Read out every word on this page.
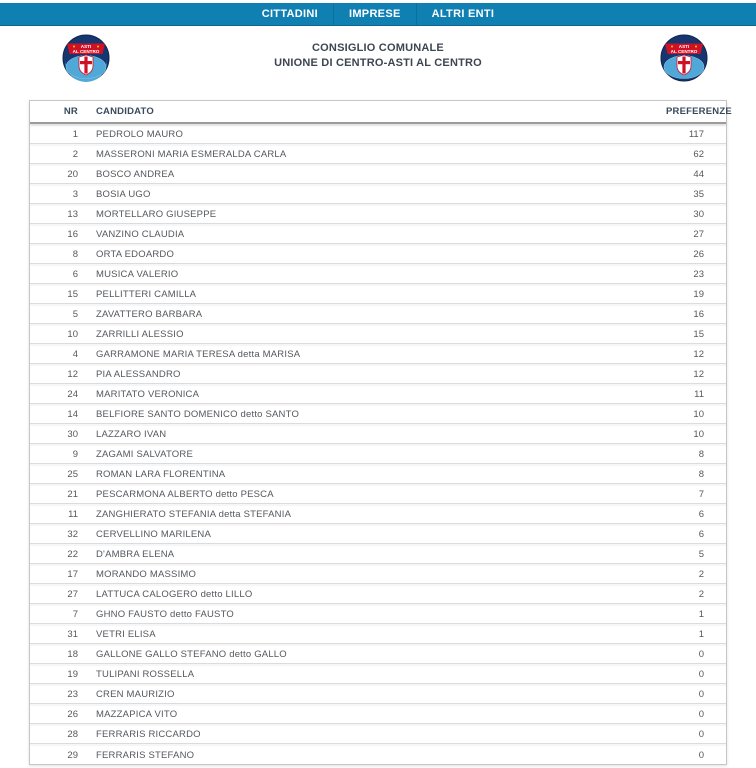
CITTADINI	IMPRESE	ALTRI ENTI
ASTI
AL CENTRO	CONSIGLIO COMUNALE
UNIONE DI CENTRO-ASTI AL CENTRO
ASTI
AL CENTRO
NR	CANDIDATO	PREFERENZE
1	PEDROLO MAURO	117
2	MASSERONI MARIA ESMERALDA CARLA	62
20	BOSCO ANDREA	44
3	BOSIA UGO	35
13	MORTELLARO GIUSEPPE	30
16	VANZINO CLAUDIA	27
8	ORTA EDOARDO	26
6	MUSICA VALERIO	23
15	PELLITTERI CAMILLA	19
5	ZAVATTERO BARBARA	16
10	ZARRILLI ALESSIO	15
4	GARRAMONE MARIA TERESA detta MARISA	12
12	PIA ALESSANDRO	12
24	MARITATO VERONICA	11
14	BELFIORE SANTO DOMENICO detto SANTO	10
30	LAZZARO IVAN	10
9	ZAGAMI SALVATORE	8
25	ROMAN LARA FLORENTINA	8
21	PESCARMONA ALBERTO detto PESCA	7
11	ZANGHIERATO STEFANIA detta STEFANIA	6
32	CERVELLINO MARILENA	6
22	D'AMBRA ELENA	5
17	MORANDO MASSIMO	2
27	LATTUCA CALOGERO detto LILLO	2
7	GHNO FAUSTO detto FAUSTO	1
31	VETRI ELISA	1
18	GALLONE GALLO STEFANO detto GALLO	0
19	TULIPANI ROSSELLA	0
23	CREN MAURIZIO	0
26	MAZZAPICA VITO	0
28	FERRARIS RICCARDO	0
29	FERRARIS STEFANO	0
